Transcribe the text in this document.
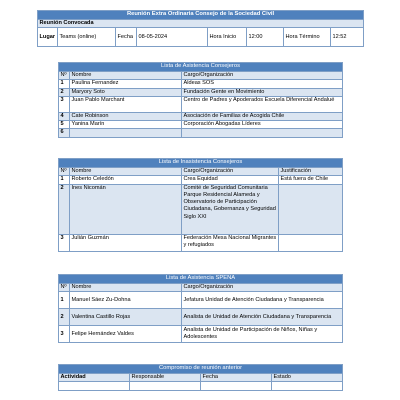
Reunión Extra Ordinaria Consejo de la Sociedad Civil
Reunión Convocada
Lugar	Teams (online)	Fecha	08-05-2024	Hora Inicio	12:00	Hora Término	12:52
Lista de Asistencia Consejeros		
Nº	Nombre	Cargo/Organización
1	Paulina Fernandez	Aldeas SOS
2	Maryory Soto	Fundación Gente en Movimiento
3	Juan Pablo Marchant	Centro de Padres y Apoderados Escuela Diferencial Andalué
4	Cate Robinson	Asociación de Familias de Acogida Chile
5	Yanina Marín	Corporación Abogadas Líderes
6		
Lista de Inasistencia Consejeros			
Nº	Nombre	Cargo/Organización	Justificación
1	Roberto Celedón	Crea Equidad	Está fuera de Chile
2	Ines Nicomán	Comité de Seguridad Comunitaria Parque Residencial Alameda y Observatorio de Participación Ciudadana, Gobernanza y Seguridad Siglo XXI	
3	Julián Guzmán	Federación Mesa Nacional Migrantes y refugiados	
Lista de Asistencia SPENA		
Nº	Nombre	Cargo/Organización
1	Manuel Sáez Zu-Dohna	Jefatura Unidad de Atención Ciudadana y Transparencia
2	Valentina Castillo Rojas	Analista de Unidad de Atención Ciudadana y Transparencia
3	Felipe Hernández Valdes	Analista de Unidad de Participación de Niños, Niñas y Adolescentes
Compromiso de reunión anterior			
Actividad	Responsable	Fecha	Estado
